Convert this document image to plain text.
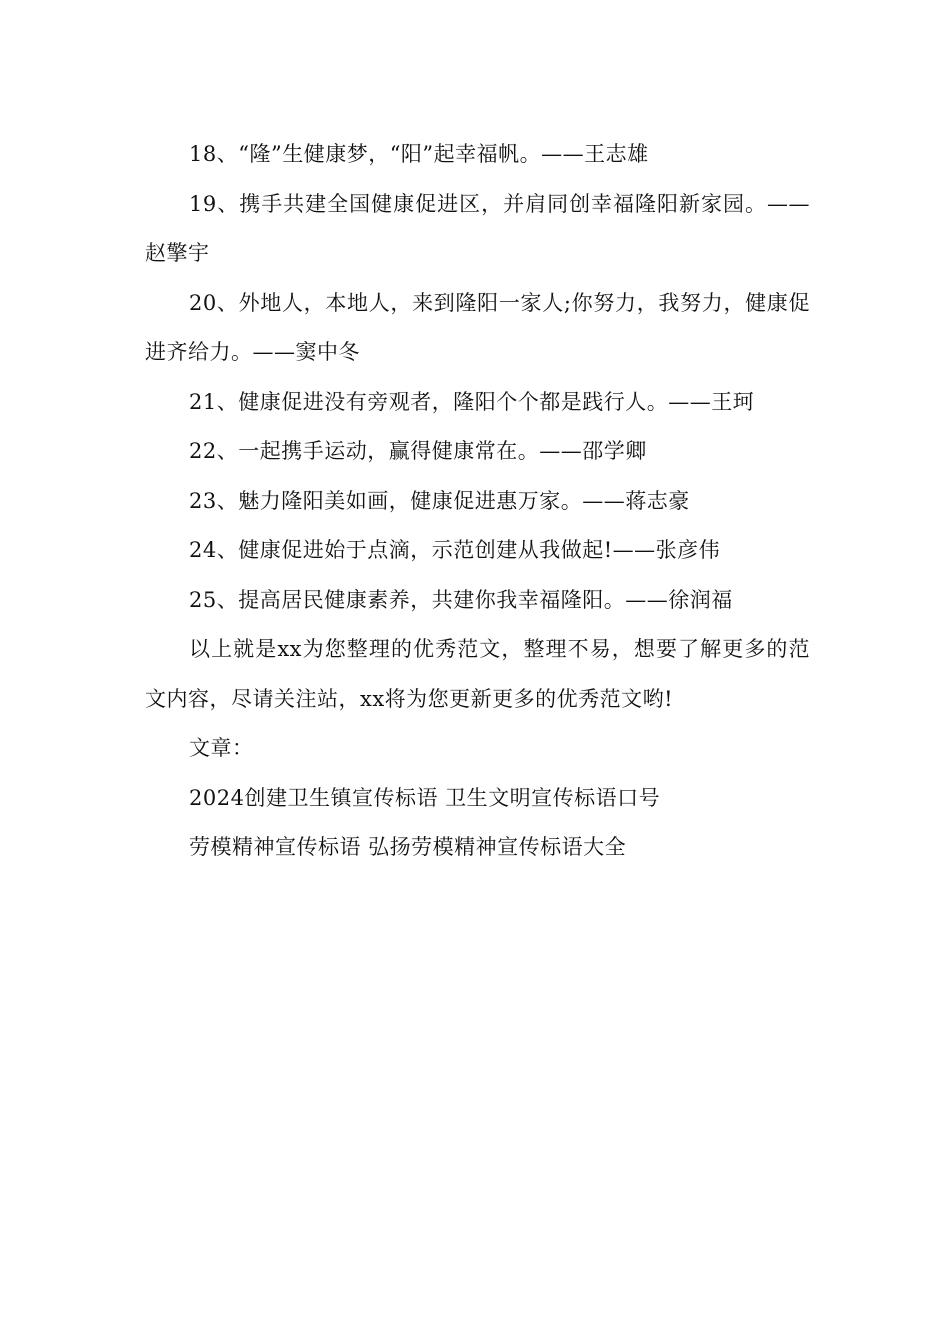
18、“隆”生健康梦，“阳”起幸福帆。——王志雄

19、携手共建全国健康促进区，并肩同创幸福隆阳新家园。——赵擎宇

20、外地人，本地人，来到隆阳一家人;你努力，我努力，健康促进齐给力。——窦中冬

21、健康促进没有旁观者，隆阳个个都是践行人。——王珂

22、一起携手运动，赢得健康常在。——邵学卿

23、魅力隆阳美如画，健康促进惠万家。——蒋志豪

24、健康促进始于点滴，示范创建从我做起!——张彦伟

25、提高居民健康素养，共建你我幸福隆阳。——徐润福

以上就是xx为您整理的优秀范文，整理不易，想要了解更多的范文内容，尽请关注站，xx将为您更新更多的优秀范文哟!

文章：

2024创建卫生镇宣传标语 卫生文明宣传标语口号

劳模精神宣传标语 弘扬劳模精神宣传标语大全
